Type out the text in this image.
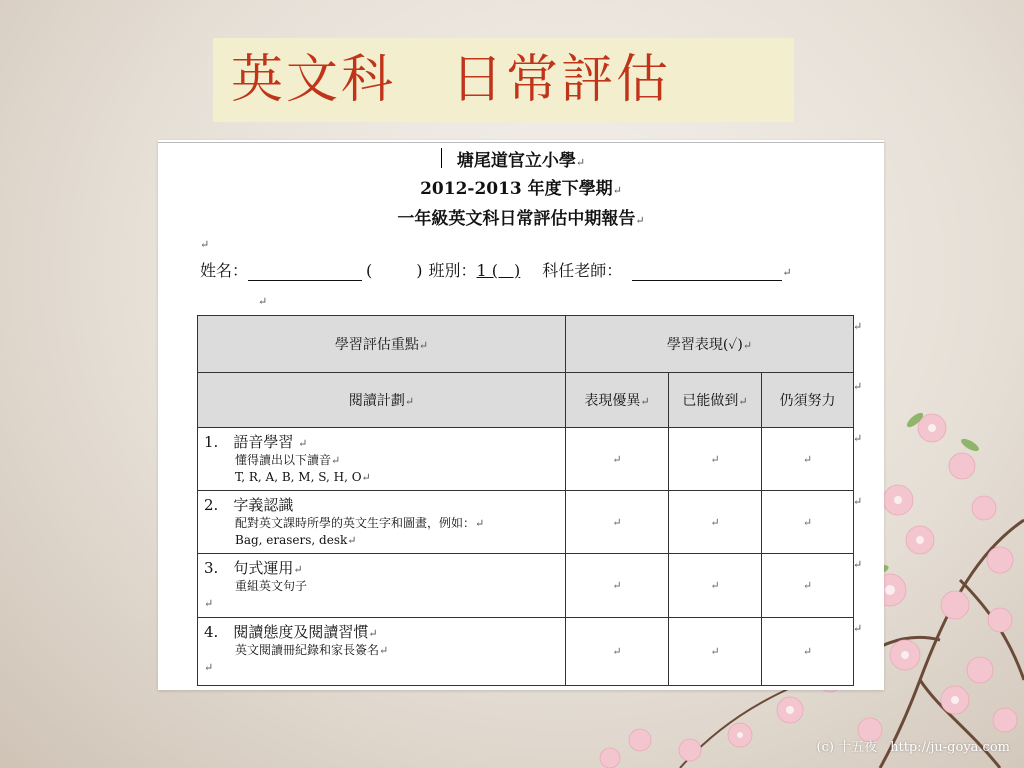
英文科　日常評估
塘尾道官立小學↵
2012-2013 年度下學期↵
一年級英文科日常評估中期報告↵
↵
姓名：	(	) 班別：1 (　) 科任老師：	↵
↵
學習評估重點↵	學習表現(✓)↵		
閱讀計劃↵	表現優異↵	已能做到↵	仍須努力

1.　 語音學習 ↵
懂得讀出以下讀音↵
T, R, A, B, M, S, H, O↵	↵	↵	↵

2.　 字義認識
配對英文課時所學的英文生字和圖畫，例如：↵
Bag, erasers, desk↵	↵	↵	↵

3.　 句式運用↵
重組英文句子
↵	↵	↵	↵

4.　 閱讀態度及閱讀習慣↵
英文閱讀冊紀錄和家長簽名↵
↵	↵	↵	↵
↵
↵
↵
↵
↵
↵
(c) 十五夜　http://ju-goya.com
